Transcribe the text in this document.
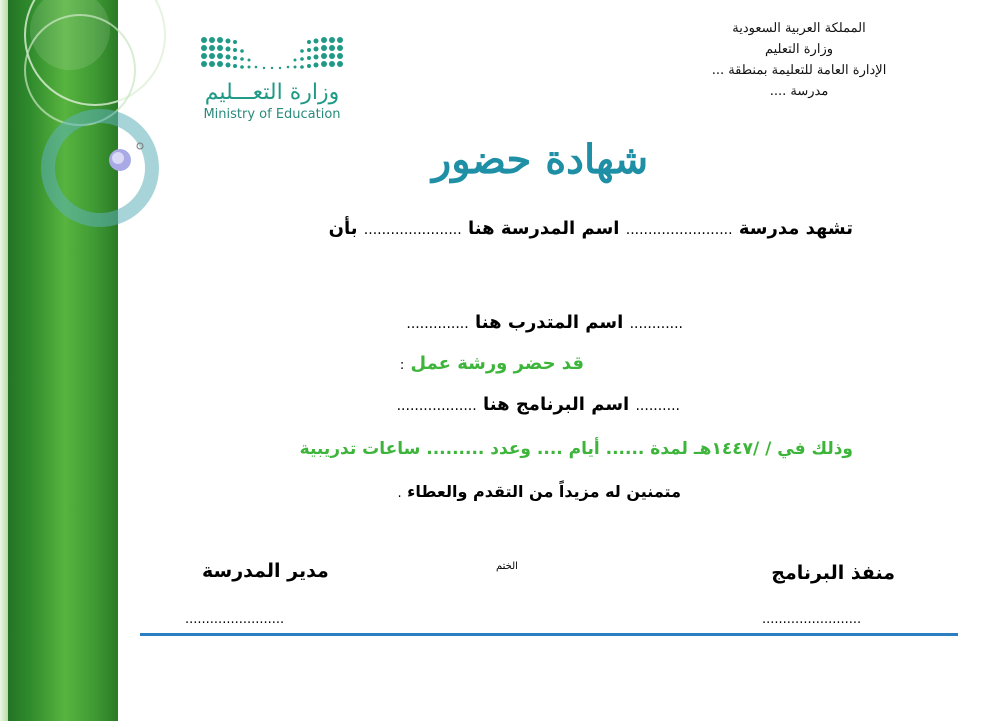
وزارة التعـــليم
Ministry of Education
المملكة العربية السعودية
وزارة التعليم
الإدارة العامة للتعليمة بمنطقة ...
مدرسة ....
شهادة حضور
تشهد مدرسة ........................ اسم المدرسة هنا ...................... بأن
............ اسم المتدرب هنا ..............
قد حضر ورشة عمل :
.......... اسم البرنامج هنا ..................
وذلك في / /١٤٤٧هـ لمدة ...... أيام .... وعدد ......... ساعات تدريبية
متمنين له مزيداً من التقدم والعطاء .
منفذ البرنامج
الختم
مدير المدرسة
........................	........................
